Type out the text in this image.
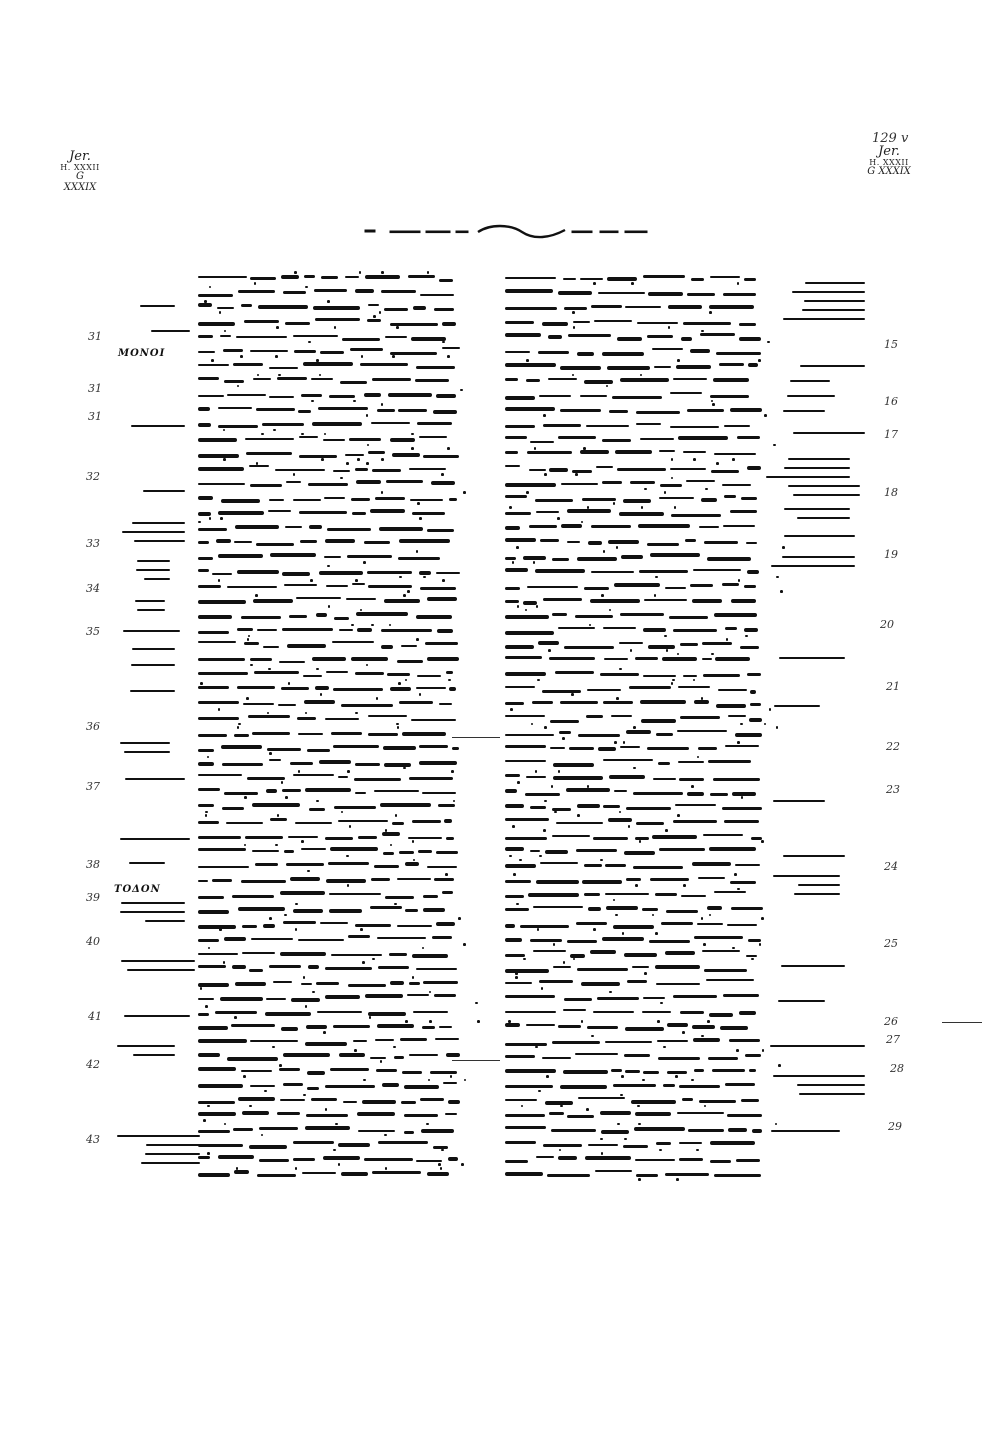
Jer.
H. XXXII
G XXXIX
129 v
Jer.
H. XXXII
G XXXIX
31
31
31
32
33
34
35
36
37
38
39
40
41
42
43
15
16
17
18
19
20
21
22
23
24
25
26
27
28
29
MONOI
ΤΟΔΟΝ
